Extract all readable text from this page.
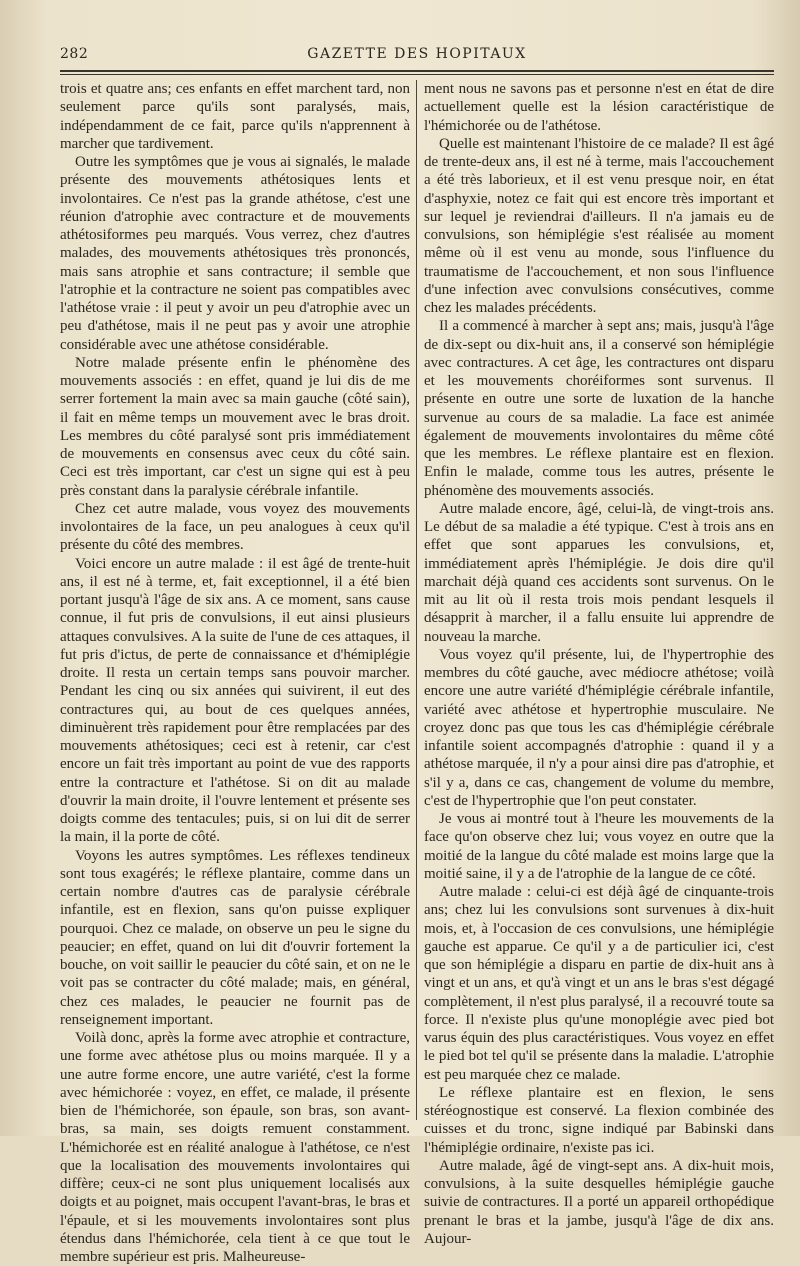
282	GAZETTE DES HOPITAUX

trois et quatre ans; ces enfants en effet marchent tard, non seulement parce qu'ils sont paralysés, mais, indépendamment de ce fait, parce qu'ils n'apprennent à marcher que tardivement.

Outre les symptômes que je vous ai signalés, le malade présente des mouvements athétosiques lents et involontaires. Ce n'est pas la grande athétose, c'est une réunion d'atrophie avec contracture et de mouvements athétosiformes peu marqués. Vous verrez, chez d'autres malades, des mouvements athétosiques très prononcés, mais sans atrophie et sans contracture; il semble que l'atrophie et la contracture ne soient pas compatibles avec l'athétose vraie : il peut y avoir un peu d'atrophie avec un peu d'athétose, mais il ne peut pas y avoir une atrophie considérable avec une athétose considérable.

Notre malade présente enfin le phénomène des mouvements associés : en effet, quand je lui dis de me serrer fortement la main avec sa main gauche (côté sain), il fait en même temps un mouvement avec le bras droit. Les membres du côté paralysé sont pris immédiatement de mouvements en consensus avec ceux du côté sain. Ceci est très important, car c'est un signe qui est à peu près constant dans la paralysie cérébrale infantile.

Chez cet autre malade, vous voyez des mouvements involontaires de la face, un peu analogues à ceux qu'il présente du côté des membres.

Voici encore un autre malade : il est âgé de trente-huit ans, il est né à terme, et, fait exceptionnel, il a été bien portant jusqu'à l'âge de six ans. A ce moment, sans cause connue, il fut pris de convulsions, il eut ainsi plusieurs attaques convulsives. A la suite de l'une de ces attaques, il fut pris d'ictus, de perte de connaissance et d'hémiplégie droite. Il resta un certain temps sans pouvoir marcher. Pendant les cinq ou six années qui suivirent, il eut des contractures qui, au bout de ces quelques années, diminuèrent très rapidement pour être remplacées par des mouvements athétosiques; ceci est à retenir, car c'est encore un fait très important au point de vue des rapports entre la contracture et l'athétose. Si on dit au malade d'ouvrir la main droite, il l'ouvre lentement et présente ses doigts comme des tentacules; puis, si on lui dit de serrer la main, il la porte de côté.

Voyons les autres symptômes. Les réflexes tendineux sont tous exagérés; le réflexe plantaire, comme dans un certain nombre d'autres cas de paralysie cérébrale infantile, est en flexion, sans qu'on puisse expliquer pourquoi. Chez ce malade, on observe un peu le signe du peaucier; en effet, quand on lui dit d'ouvrir fortement la bouche, on voit saillir le peaucier du côté sain, et on ne le voit pas se contracter du côté malade; mais, en général, chez ces malades, le peaucier ne fournit pas de renseignement important.

Voilà donc, après la forme avec atrophie et contracture, une forme avec athétose plus ou moins marquée. Il y a une autre forme encore, une autre variété, c'est la forme avec hémichorée : voyez, en effet, ce malade, il présente bien de l'hémichorée, son épaule, son bras, son avant-bras, sa main, ses doigts remuent constamment. L'hémichorée est en réalité analogue à l'athétose, ce n'est que la localisation des mouvements involontaires qui diffère; ceux-ci ne sont plus uniquement localisés aux doigts et au poignet, mais occupent l'avant-bras, le bras et l'épaule, et si les mouvements involontaires sont plus étendus dans l'hémichorée, cela tient à ce que tout le membre supérieur est pris. Malheureuse-

ment nous ne savons pas et personne n'est en état de dire actuellement quelle est la lésion caractéristique de l'hémichorée ou de l'athétose.

Quelle est maintenant l'histoire de ce malade? Il est âgé de trente-deux ans, il est né à terme, mais l'accouchement a été très laborieux, et il est venu presque noir, en état d'asphyxie, notez ce fait qui est encore très important et sur lequel je reviendrai d'ailleurs. Il n'a jamais eu de convulsions, son hémiplégie s'est réalisée au moment même où il est venu au monde, sous l'influence du traumatisme de l'accouchement, et non sous l'influence d'une infection avec convulsions consécutives, comme chez les malades précédents.

Il a commencé à marcher à sept ans; mais, jusqu'à l'âge de dix-sept ou dix-huit ans, il a conservé son hémiplégie avec contractures. A cet âge, les contractures ont disparu et les mouvements choréiformes sont survenus. Il présente en outre une sorte de luxation de la hanche survenue au cours de sa maladie. La face est animée également de mouvements involontaires du même côté que les membres. Le réflexe plantaire est en flexion. Enfin le malade, comme tous les autres, présente le phénomène des mouvements associés.

Autre malade encore, âgé, celui-là, de vingt-trois ans. Le début de sa maladie a été typique. C'est à trois ans en effet que sont apparues les convulsions, et, immédiatement après l'hémiplégie. Je dois dire qu'il marchait déjà quand ces accidents sont survenus. On le mit au lit où il resta trois mois pendant lesquels il désapprit à marcher, il a fallu ensuite lui apprendre de nouveau la marche.

Vous voyez qu'il présente, lui, de l'hypertrophie des membres du côté gauche, avec médiocre athétose; voilà encore une autre variété d'hémiplégie cérébrale infantile, variété avec athétose et hypertrophie musculaire. Ne croyez donc pas que tous les cas d'hémiplégie cérébrale infantile soient accompagnés d'atrophie : quand il y a athétose marquée, il n'y a pour ainsi dire pas d'atrophie, et s'il y a, dans ce cas, changement de volume du membre, c'est de l'hypertrophie que l'on peut constater.

Je vous ai montré tout à l'heure les mouvements de la face qu'on observe chez lui; vous voyez en outre que la moitié de la langue du côté malade est moins large que la moitié saine, il y a de l'atrophie de la langue de ce côté.

Autre malade : celui-ci est déjà âgé de cinquante-trois ans; chez lui les convulsions sont survenues à dix-huit mois, et, à l'occasion de ces convulsions, une hémiplégie gauche est apparue. Ce qu'il y a de particulier ici, c'est que son hémiplégie a disparu en partie de dix-huit ans à vingt et un ans, et qu'à vingt et un ans le bras s'est dégagé complètement, il n'est plus paralysé, il a recouvré toute sa force. Il n'existe plus qu'une monoplégie avec pied bot varus équin des plus caractéristiques. Vous voyez en effet le pied bot tel qu'il se présente dans la maladie. L'atrophie est peu marquée chez ce malade.

Le réflexe plantaire est en flexion, le sens stéréognostique est conservé. La flexion combinée des cuisses et du tronc, signe indiqué par Babinski dans l'hémiplégie ordinaire, n'existe pas ici.

Autre malade, âgé de vingt-sept ans. A dix-huit mois, convulsions, à la suite desquelles hémiplégie gauche suivie de contractures. Il a porté un appareil orthopédique prenant le bras et la jambe, jusqu'à l'âge de dix ans. Aujour-
